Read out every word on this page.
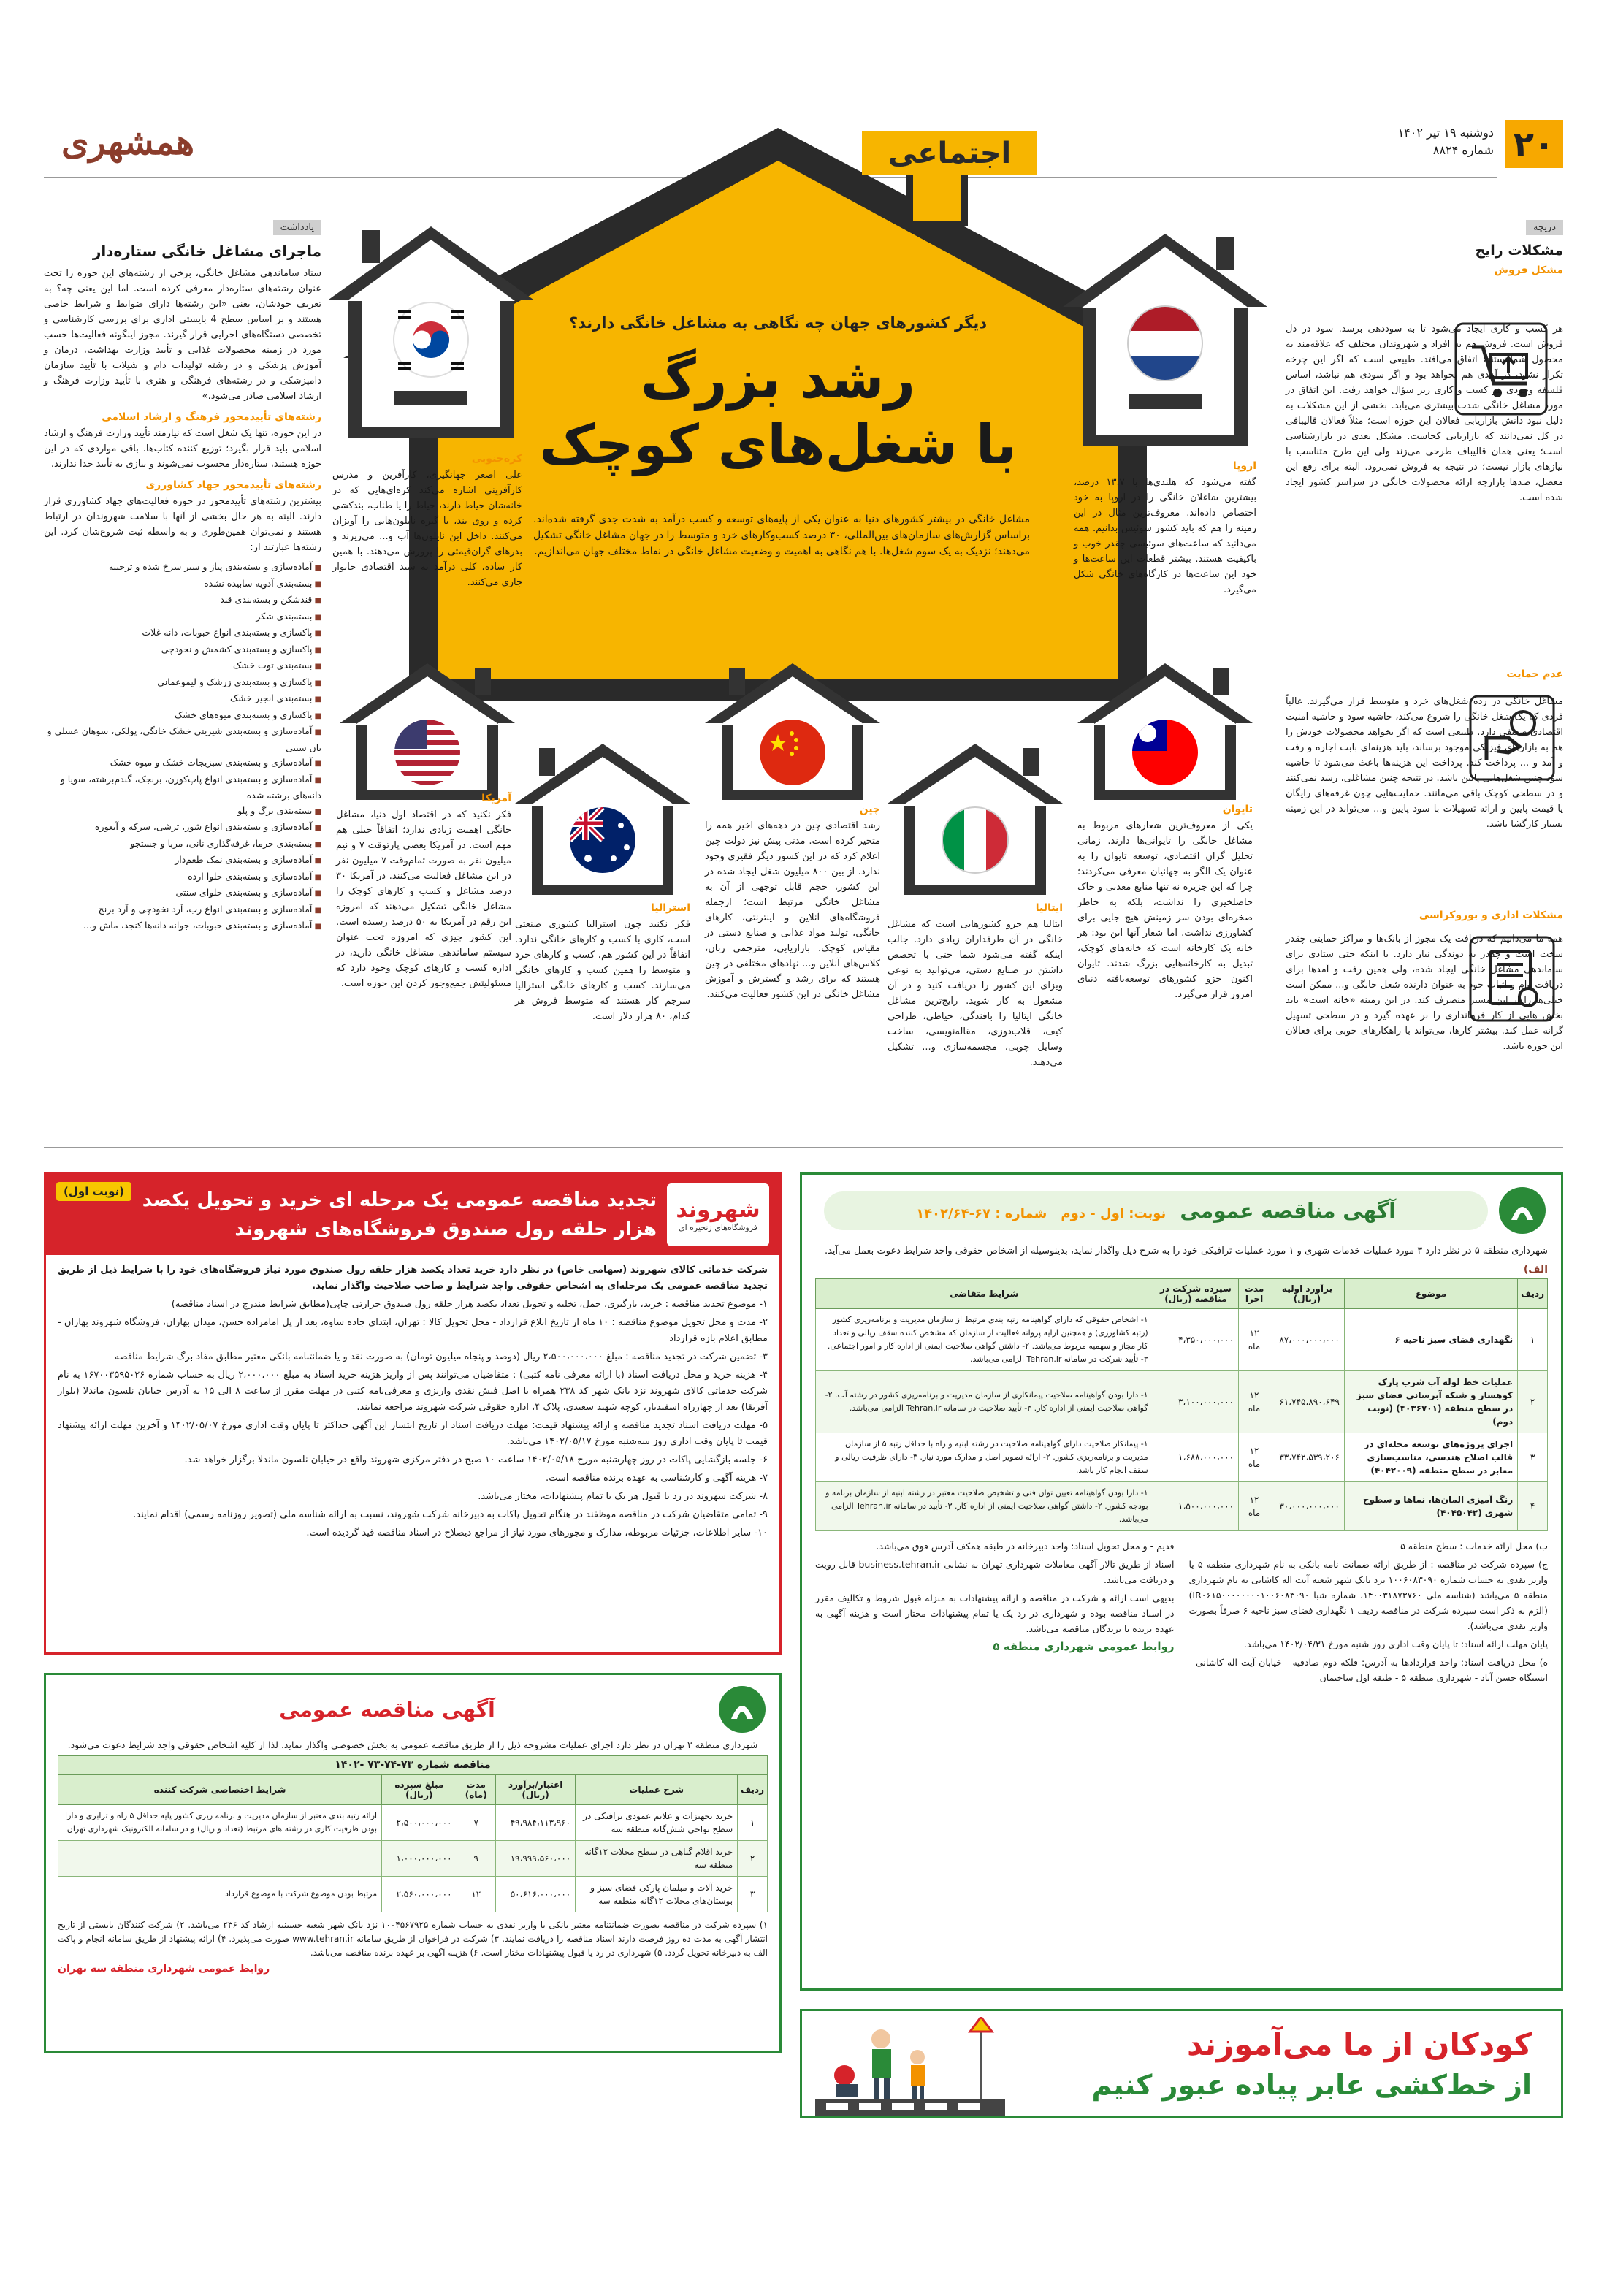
۲۰
دوشنبه ۱۹ تیر ۱۴۰۲
شماره ۸۸۲۴
همشهری	اجتماعی
دیگر کشورهای جهان چه نگاهی به مشاغل خانگی دارند؟
رشد بزرگ
با شغل‌های کوچک
مشاغل خانگی در بیشتر کشورهای دنیا به عنوان یکی از پایه‌های توسعه و کسب درآمد به شدت جدی گرفته شده‌اند. براساس گزارش‌های سازمان‌های بین‌المللی، ۳۰ درصد کسب‌وکارهای خرد و متوسط را در جهان مشاغل خانگی تشکیل می‌دهند؛ نزدیک به یک سوم شغل‌ها. با هم نگاهی به اهمیت و وضعیت مشاغل خانگی در نقاط مختلف جهان می‌اندازیم.
دریچه
مشکلات رایج
مشکل فروش
هر کسب و کاری ایجاد می‌شود تا به سوددهی برسد. سود در دل فروش است. فروش هم به افراد و شهروندان مختلف که علاقه‌مند به محصول شماهستند، اتفاق می‌افتد. طبیعی است که اگر این چرخه تکرار نشود، در آمدی هم نخواهد بود و اگر سودی هم نباشد، اساس فلسفه وجودی هر کسب و کاری زیر سؤال خواهد رفت. این اتفاق در مورد مشاغل خانگی شدت بیشتری می‌یابد. بخشی از این مشکلات به دلیل نبود دانش بازاریابی فعالان این حوزه است؛ مثلاً فعالان قالیبافی در کل نمی‌دانند که بازاریابی کجاست. مشکل بعدی در بازارشناسی است؛ یعنی همان قالیباف طرحی می‌زند ولی این طرح متناسب با نیازهای بازار نیست؛ در نتیجه به فروش نمی‌رود. البته برای رفع این معضل، صدها بازارچه ارائه محصولات خانگی در سراسر کشور ایجاد شده است.
عدم حمایت
مشاغل خانگی در رده شغل‌های خرد و متوسط قرار می‌گیرند. غالباً فردی که یک شغل خانگی را شروع می‌کند، حاشیه سود و حاشیه امنیت اقتصادی ضعیفی دارد. طبیعی است که اگر بخواهد محصولات خودش را هم به بازارهای فیزیکی موجود برساند، باید هزینه‌ای بابت اجاره و رفت و آمد و ... پرداخت کند. پرداخت این هزینه‌ها باعث می‌شود تا حاشیه سود چنین شغل‌هایی پایین باشد. در نتیجه چنین مشاغلی، رشد نمی‌کنند و در سطحی کوچک باقی می‌مانند. حمایت‌هایی چون غرفه‌های رایگان یا قیمت پایین و ارائه تسهیلات با سود پایین و... می‌تواند در این زمینه بسیار کارگشا باشد.
مشکلات اداری و بوروکراسی
همه ما می‌دانیم که دریافت یک مجوز از بانک‌ها و مراکز حمایتی چقدر سخت است و چقدر به دوندگی نیاز دارد. با اینکه حتی ستادی برای ساماندهی مشاغل خانگی ایجاد شده، ولی همین رفت و آمدها برای دریافت وام و اثبات خود به عنوان دارنده شغل خانگی و... ممکن است خیلی‌ها را از این مسیر منصرف کند. در این زمینه «خانه است» باید بخش هایی از کار فرمانداری را بر عهده گیرد و در سطحی تسهیل گرانه عمل کند. بیشتر کارها، می‌تواند با راهکارهای خوبی برای فعالان این حوزه باشد.
اروپا
گفته می‌شود که هلندی‌ها با ۱۳.۷ درصد، بیشترین شاغلان خانگی را در اروپا به خود اختصاص داده‌اند. معروف‌ترین مثال در این زمینه را هم که باید کشور سوئیس بدانیم. همه می‌دانید که ساعت‌های سوئیسی چقدر خوب و باکیفیت هستند. بیشتر قطعات این ساعت‌ها و خود این ساعت‌ها در کارگاه‌های خانگی شکل می‌گیرد.
کره‌جنوبی
علی اصغر جهانگیری، کارآفرین و مدرس کارآفرینی اشاره می‌کند کره‌ای‌هایی که در خانه‌شان حیاط دارند، حیاط را یا طناب، بندکشی کرده و روی بند، با گیره نایلون‌هایی را آویزان می‌کنند. داخل این نایلون‌ها آب و... می‌ریزند و بذرهای گران‌قیمتی را پرورش می‌دهند. با همین کار ساده، کلی درآمد به سبد اقتصادی خانوار جاری می‌کنند.
آمریکا
فکر نکنید که در اقتصاد اول دنیا، مشاغل خانگی اهمیت زیادی ندارد؛ اتفاقاً خیلی هم مهم است. در آمریکا بعضی پارتوقت ۷ و نیم میلیون نفر به صورت تمام‌وقت ۷ میلیون نفر در این مشاغل فعالیت می‌کنند. در آمریکا ۳۰ درصد مشاغل و کسب و کارهای کوچک را مشاغل خانگی تشکیل می‌دهند که امروزه این رقم در آمریکا به ۵۰ درصد رسیده است. این کشور چیزی که امروزه تحت عنوان سیستم ساماندهی مشاغل خانگی دارید، در اداره کسب و کارهای کوچک وجود دارد که مسئولیتش جمع‌وجور کردن این حوزه است.
استرالیا
فکر نکنید چون استرالیا کشوری صنعتی است، کاری با کسب و کارهای خانگی ندارد. اتفاقاً در این کشور هم، کسب و کارهای خرد و متوسط را همین کسب و کارهای خانگی می‌سازند. کسب و کارهای خانگی استرالیا سرجم کار هستند که متوسط فروش هر کدام، ۸۰ هزار دلار است.
چین
رشد اقتصادی چین در دهه‌های اخیر همه را متحیر کرده است. مدتی پیش نیز دولت چین اعلام کرد که در این کشور دیگر فقیری وجود ندارد. از بین ۸۰۰ میلیون شغل ایجاد شده در این کشور، حجم قابل توجهی از آن به مشاغل خانگی مرتبط است؛ ازجمله فروشگاه‌های آنلاین و اینترنتی، کارهای خانگی، تولید مواد غذایی و صنایع دستی در مقیاس کوچک. بازاریابی، مترجمی زبان، کلاس‌های آنلاین و... نهادهای مختلفی در چین هستند که برای رشد و گسترش و آموزش مشاغل خانگی در این کشور فعالیت می‌کنند.
ایتالیا
ایتالیا هم جزو کشورهایی است که مشاغل خانگی در آن طرفداران زیادی دارد. جالب اینکه گفته می‌شود شما حتی با تخصص داشتن در صنایع دستی، می‌توانید به نوعی ویزای این کشور را دریافت کنید و در آن مشغول به کار شوید. رایج‌ترین مشاغل خانگی ایتالیا را بافندگی، خیاطی، طراحی کیف، قلاب‌دوزی، مقاله‌نویسی، ساخت وسایل چوبی، مجسمه‌سازی و... تشکیل می‌دهند.
تایوان
یکی از معروف‌ترین شعارهای مربوط به مشاغل خانگی را تایوانی‌ها دارند. زمانی تحلیل گران اقتصادی، توسعه تایوان را به عنوان یک الگو به جهانیان معرفی می‌کردند؛ چرا که این جزیره نه تنها منابع معدنی و خاک حاصلخیزی را نداشت، بلکه به خاطر صخره‌ای بودن سر زمینش هیچ جایی برای کشاورزی نداشت. اما شعار آنها این بود: هر خانه یک کارخانه است که خانه‌های کوچک، تبدیل به کارخانه‌هایی بزرگ شدند. تایوان اکنون جزو کشورهای توسعه‌یافته دنیای امروز قرار می‌گیرد.
یادداشت
ماجرای مشاغل خانگی ستاره‌دار
ستاد ساماندهی مشاغل خانگی، برخی از رشته‌های این حوزه را تحت عنوان رشته‌های ستاره‌دار معرفی کرده است. اما این یعنی چه؟ به تعریف خودشان، یعنی «این رشته‌ها دارای ضوابط و شرایط خاصی هستند و بر اساس سطح 4 بایستی اداری برای بررسی کارشناسی و تخصصی دستگاه‌های اجرایی قرار گیرند. مجوز اینگونه فعالیت‌ها حسب مورد در زمینه محصولات غذایی و تأیید وزارت بهداشت، درمان و آموزش پزشکی و در رشته تولیدات دام و شیلات با تأیید سازمان دامپزشکی و در رشته‌های فرهنگی و هنری با تأیید وزارت فرهنگ و ارشاد اسلامی صادر می‌شود.»
رشته‌های تأییدمحور فرهنگ و ارشاد اسلامی
در این حوزه، تنها یک شغل است که نیازمند تأیید وزارت فرهنگ و ارشاد اسلامی باید قرار بگیرد؛ توزیع کننده کتاب‌ها. باقی مواردی که در این حوزه هستند، ستاره‌دار محسوب نمی‌شوند و نیازی به تأیید جدا ندارند.
رشته‌های تأییدمحور جهاد کشاورزی
بیشترین رشته‌های تأییدمحور در حوزه فعالیت‌های جهاد کشاورزی قرار دارند. البته به هر حال بخشی از آنها با سلامت شهروندان در ارتباط هستند و نمی‌توان همین‌طوری و به واسطه ثبت شروع‌شان کرد. این رشته‌ها عبارتند از:
■ آماده‌سازی و بسته‌بندی پیاز و سیر سرخ شده و ترخینه
■ بسته‌بندی آدویه سابیده نشده
■ قندشکن و بسته‌بندی قند
■ بسته‌بندی شکر
■ پاکسازی و بسته‌بندی انواع حبوبات، دانه غلات
■ پاکسازی و بسته‌بندی کشمش و نخودچی
■ بسته‌بندی توت خشک
■ پاکسازی و بسته‌بندی زرشک و لیموعمانی
■ بسته‌بندی انجیر خشک
■ پاکسازی و بسته‌بندی میوه‌های خشک
■ آماده‌سازی و بسته‌بندی شیرینی خشک خانگی، پولکی، سوهان عسلی و نان سنتی
■ آماده‌سازی و بسته‌بندی سبزیجات خشک و میوه خشک
■ آماده‌سازی و بسته‌بندی انواع پاپ‌کورن، برنجک، گندم‌برشته، سویا و دانه‌های برشته شده
■ بسته‌بندی برگ و پلو
■ آماده‌سازی و بسته‌بندی انواع شور، ترشی، سرکه و آبغوره
■ بسته‌بندی خرما، غرفه‌گذاری نانی، مربا و جستجو
■ آماده‌سازی و بسته‌بندی نمک طعم‌دار
■ آماده‌سازی و بسته‌بندی حلوا ارده
■ آماده‌سازی و بسته‌بندی حلوای سنتی
■ آماده‌سازی و بسته‌بندی انواع رب، آرد نخودچی و آرد برنج
■ آماده‌سازی و بسته‌بندی حبوبات، جوانه دانه‌ها کنجد، ماش و...
آگهی مناقصه عمومی نوبت: اول - دوم شماره : ۶۷-۱۴۰۲/۶۴
شهرداری منطقه ۵ در نظر دارد ۳ مورد عملیات خدمات شهری و ۱ مورد عملیات ترافیکی خود را به شرح ذیل واگذار نماید، بدینوسیله از اشخاص حقوقی واجد شرایط دعوت بعمل می‌آید.
الف)
ردیف	موضوع	برآورد اولیه (ریال)	مدت اجرا	سپرده شرکت در مناقصه (ریال)	شرایط متقاضی
۱	نگهداری فضای سبز ناحیه ۶	۸۷،۰۰۰،۰۰۰،۰۰۰	۱۲ ماه	۴،۳۵۰،۰۰۰،۰۰۰	۱- اشخاص حقوقی که دارای گواهینامه رتبه بندی مرتبط از سازمان مدیریت و برنامه‌ریزی کشور (رتبه کشاورزی) و همچنین ارایه پروانه فعالیت از سازمان که مشخص کننده سقف ریالی و تعداد کار مجاز و سهمیه مربوط می‌باشد. ۲- داشتن گواهی صلاحیت ایمنی از اداره کار و امور اجتماعی. ۳- تأیید شرکت در سامانه Tehran.ir الزامی می‌باشد.
۲	عملیات خط لوله آب شرب پارک کوهسار و شبکه آبرسانی فضای سبز در سطح منطقه (۴۰۳۶۷۰۱) (نوبت دوم)	۶۱،۷۴۵،۸۹۰،۶۴۹	۱۲ ماه	۳،۱۰۰،۰۰۰،۰۰۰	۱- دارا بودن گواهینامه صلاحیت پیمانکاری از سازمان مدیریت و برنامه‌ریزی کشور در رشته آب. ۲- گواهی صلاحیت ایمنی از اداره کار. ۳- تأیید صلاحیت در سامانه Tehran.ir الزامی می‌باشد.
۳	اجرای پروژه‌های توسعه محله‌ای در قالب اصلاح هندسی، مناسب‌سازی معابر در سطح منطقه (۴۰۴۲۰۰۹)	۳۳،۷۴۲،۵۳۹،۲۰۶	۱۲ ماه	۱،۶۸۸،۰۰۰،۰۰۰	۱- پیمانکار صلاحیت دارای گواهینامه صلاحیت در رشته ابنیه و راه با حداقل رتبه ۵ از سازمان مدیریت و برنامه‌ریزی کشور. ۲- ارائه تصویر اصل و مدارک مورد نیاز. ۳- دارای ظرفیت ریالی و سقف انجام کار باشد.
۴	رنگ آمیزی المان‌ها، نماها و سطوح شهری (۴۰۴۵۰۴۲)	۳۰،۰۰۰،۰۰۰،۰۰۰	۱۲ ماه	۱،۵۰۰،۰۰۰،۰۰۰	۱- دارا بودن گواهینامه تعیین توان فنی و تشخیص صلاحیت معتبر در رشته ابنیه از سازمان برنامه و بودجه کشور. ۲- داشتن گواهی صلاحیت ایمنی از اداره کار. ۳- تأیید در سامانه Tehran.ir الزامی می‌باشد.

ب) محل ارائه خدمات : سطح منطقه ۵

ج) سپرده شرکت در مناقصه : از طریق ارائه ضمانت نامه بانکی به نام شهرداری منطقه ۵ یا واریز نقدی به حساب شماره ۱۰۰۶۰۸۳۰۹۰ نزد بانک شهر شعبه آیت اله کاشانی به نام شهرداری منطقه ۵ می‌باشد (شناسه ملی ۱۴۰۰۳۱۸۷۳۷۶۰، شماره شبا IR۰۶۱۵۰۰۰۰۰۰۰۰۱۰۰۶۰۸۳۰۹۰) (الزم به ذکر است سپرده شرکت در مناقصه ردیف ۱ نگهداری فضای سبز ناحیه ۶ صرفاً بصورت واریز نقدی می‌باشد).

پایان مهلت ارائه اسناد: تا پایان وقت اداری روز شنبه مورخ ۱۴۰۲/۰۴/۳۱ می‌باشد.

ه) محل دریافت اسناد: واحد قراردادها به آدرس: فلکه دوم صادقیه - خیابان آیت اله کاشانی - ایستگاه حسن آباد - شهرداری منطقه ۵ - طبقه اول ساختمان

قدیم - و محل تحویل اسناد: واحد دبیرخانه در طبقه همکف آدرس فوق می‌باشد.

اسناد از طریق تالار آگهی معاملات شهرداری تهران به نشانی business.tehran.ir قابل رویت و دریافت می‌باشد.

بدیهی است ارائه و شرکت در مناقصه و ارائه پیشنهادات به منزله قبول شروط و تکالیف مقرر در اسناد مناقصه بوده و شهرداری در رد یک یا تمام پیشنهادات مختار است و هزینه آگهی به عهده برنده یا برندگان مناقصه می‌باشد.

روابط عمومی شهرداری منطقه ۵

شهروند
فروشگاه‌های زنجیره ای
تجدید مناقصه عمومی یک مرحله ای خرید و تحویل یکصد هزار حلقه رول صندوق فروشگاه‌های شهروند
(نوبت اول)

شرکت خدماتی کالای شهروند (سهامی خاص) در نظر دارد خرید تعداد یکصد هزار حلقه رول صندوق مورد نیاز فروشگاه‌های خود را با شرایط ذیل از طریق تجدید مناقصه عمومی یک مرحله‌ای به اشخاص حقوقی واجد شرایط و صاحب صلاحیت واگذار نماید.

۱- موضوع تجدید مناقصه : خرید، بارگیری، حمل، تخلیه و تحویل تعداد یکصد هزار حلقه رول صندوق حرارتی چاپی(مطابق شرایط مندرج در اسناد مناقصه)

۲- مدت و محل تحویل موضوع مناقصه : ۱۰ ماه از تاریخ ابلاغ قرارداد - محل تحویل کالا : تهران، ابتدای جاده ساوه، بعد از پل امامزاده حسن، میدان بهاران، فروشگاه شهروند بهاران - مطابق اعلام بازه قرارداد

۳- تضمین شرکت در تجدید مناقصه : مبلغ ۲،۵۰۰،۰۰۰،۰۰۰ ریال (دوصد و پنجاه میلیون تومان) به صورت نقد و یا ضمانتنامه بانکی معتبر مطابق مفاد برگ شرایط مناقصه

۴- هزینه خرید و محل دریافت اسناد (با ارائه معرفی نامه کتبی) : متقاضیان می‌توانند پس از واریز هزینه خرید اسناد به مبلغ ۲،۰۰۰،۰۰۰ ریال به حساب شماره ۱۶۷۰۰۳۵۹۵۰۲۶ به نام شرکت خدماتی کالای شهروند نزد بانک شهر کد ۲۳۸ همراه با اصل فیش نقدی واریزی و معرفی‌نامه کتبی در مهلت مقرر از ساعت ۸ الی ۱۵ به آدرس خیابان نلسون ماندلا (بلوار آفریقا) بعد از چهارراه اسفندیار، کوچه شهید سعیدی، پلاک ۴، اداره حقوقی شرکت شهروند مراجعه نمایند.

۵- مهلت دریافت اسناد تجدید مناقصه و ارائه پیشنهاد قیمت: مهلت دریافت اسناد از تاریخ انتشار این آگهی حداکثر تا پایان وقت اداری مورخ ۱۴۰۲/۰۵/۰۷ و آخرین مهلت ارائه پیشنهاد قیمت تا پایان وقت اداری روز سه‌شنبه مورخ ۱۴۰۲/۰۵/۱۷ می‌باشد.

۶- جلسه بازگشایی پاکات در روز چهارشنبه مورخ ۱۴۰۲/۰۵/۱۸ ساعت ۱۰ صبح در دفتر مرکزی شهروند واقع در خیابان نلسون ماندلا برگزار خواهد شد.

۷- هزینه آگهی و کارشناسی به عهده برنده مناقصه است.

۸- شرکت شهروند در رد یا قبول هر یک یا تمام پیشنهادات، مختار می‌باشد.

۹- تمامی متقاضیان شرکت در مناقصه موظفند در هنگام تحویل پاکات به دبیرخانه شرکت شهروند، نسبت به ارائه شناسه ملی (تصویر روزنامه رسمی) اقدام نمایند.

۱۰- سایر اطلاعات، جزئیات مربوطه، مدارک و مجوزهای مورد نیاز از مراجع ذیصلاح در اسناد مناقصه قید گردیده است.

آگهی مناقصه عمومی
شهرداری منطقه ۳ تهران در نظر دارد اجرای عملیات مشروحه ذیل را از طریق مناقصه عمومی به بخش خصوصی واگذار نماید. لذا از کلیه اشخاص حقوقی واجد شرایط دعوت می‌شود.
مناقصه شماره ۷۳-۷۴-۷۳ -۱۴۰۲
ردیف	شرح عملیات	اعتبار/برآورد (ریال)	مدت (ماه)	مبلغ سپرده (ریال)	شرایط اختصاصی شرکت کننده
۱	خرید تجهیزات و علایم عمودی ترافیکی در سطح نواحی شش‌گانه منطقه سه	۴۹،۹۸۴،۱۱۳،۹۶۰	۷	۲،۵۰۰،۰۰۰،۰۰۰	ارائه رتبه بندی معتبر از سازمان مدیریت و برنامه ریزی کشور پایه حداقل ۵ راه و ترابری و دارا بودن ظرفیت کاری در رشته های مرتبط (تعداد و ریال) و در سامانه الکترونیک شهرداری تهران
۲	خرید اقلام گیاهی در سطح محلات ۱۲گانه منطقه سه	۱۹،۹۹۹،۵۶۰،۰۰۰	۹	۱،۰۰۰،۰۰۰،۰۰۰	
۳	خرید آلات و مبلمان پارکی فضای سبز و بوستان‌های محلات ۱۲گانه منطقه سه	۵۰،۶۱۶،۰۰۰،۰۰۰	۱۲	۲،۵۶۰،۰۰۰،۰۰۰	مرتبط بودن موضوع شرکت با موضوع قرارداد
۱) سپرده شرکت در مناقصه بصورت ضمانتنامه معتبر بانکی یا واریز نقدی به حساب شماره ۱۰۰۴۵۶۷۹۲۵ نزد بانک شهر شعبه حسینیه ارشاد کد ۲۳۶ می‌باشد. ۲) شرکت کنندگان بایستی از تاریخ انتشار آگهی به مدت ده روز فرصت دارند اسناد مناقصه را دریافت نمایند. ۳) شرکت در فراخوان از طریق سامانه www.tehran.ir صورت می‌پذیرد. ۴) ارائه پیشنهاد از طریق سامانه انجام و پاکت الف به دبیرخانه تحویل گردد. ۵) شهرداری در رد یا قبول پیشنهادات مختار است. ۶) هزینه آگهی بر عهده برنده مناقصه می‌باشد.
روابط عمومی شهرداری منطقه سه تهران
کودکان از ما می‌آموزند
از خط‌کشی عابر پیاده عبور کنیم
